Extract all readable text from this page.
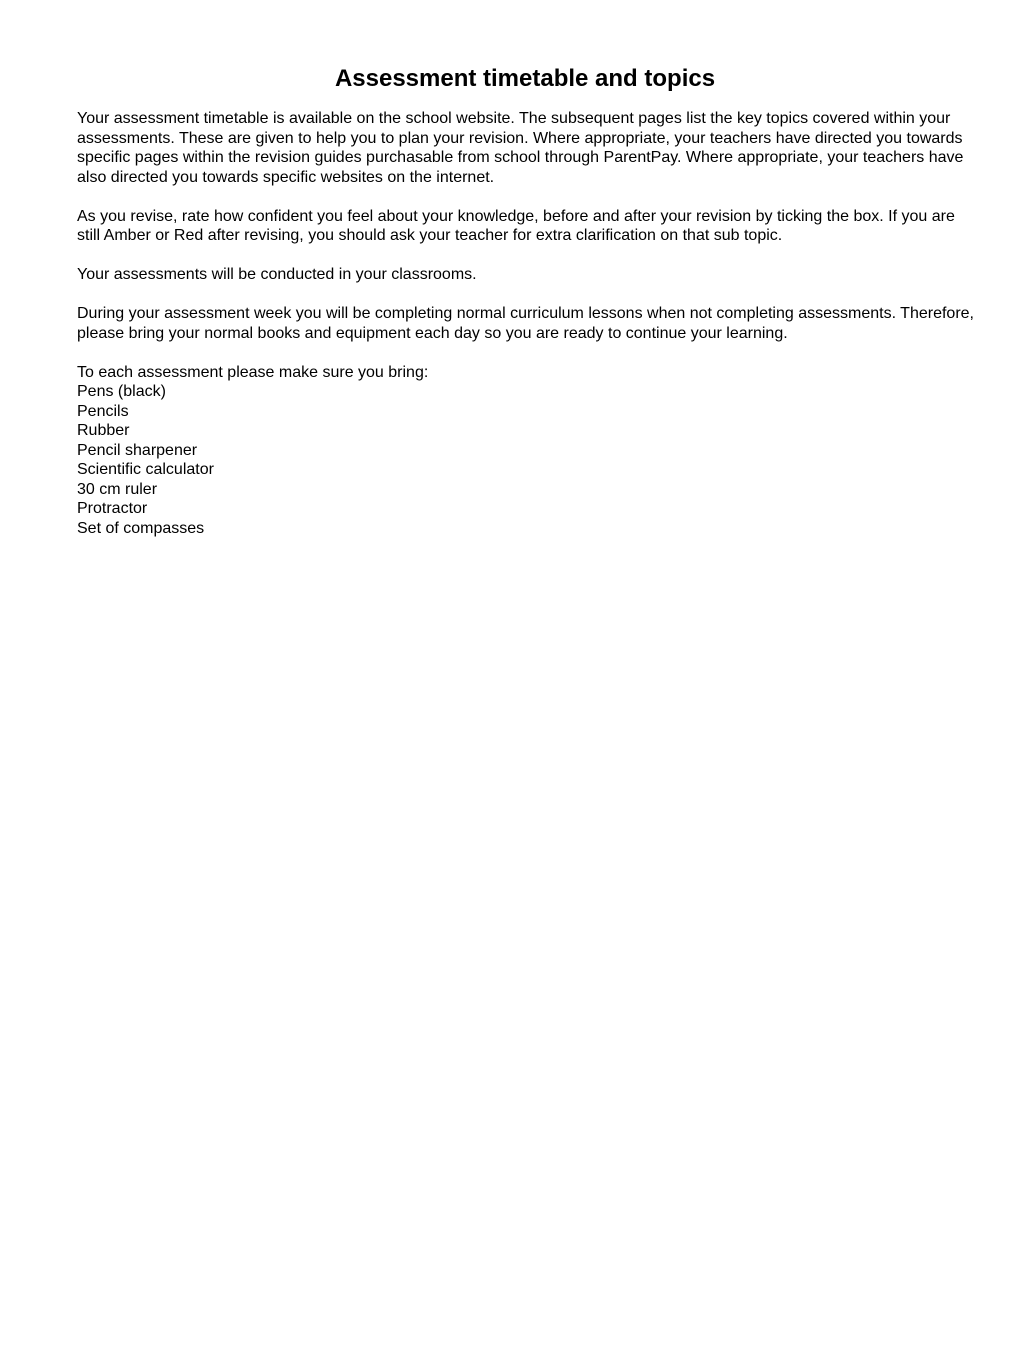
Assessment timetable and topics

Your assessment timetable is available on the school website. The subsequent pages list the key topics covered within your
assessments. These are given to help you to plan your revision. Where appropriate, your teachers have directed you towards
specific pages within the revision guides purchasable from school through ParentPay. Where appropriate, your teachers have
also directed you towards specific websites on the internet.

As you revise, rate how confident you feel about your knowledge, before and after your revision by ticking the box. If you are
still Amber or Red after revising, you should ask your teacher for extra clarification on that sub topic.

Your assessments will be conducted in your classrooms.

During your assessment week you will be completing normal curriculum lessons when not completing assessments. Therefore,
please bring your normal books and equipment each day so you are ready to continue your learning.

To each assessment please make sure you bring:

Pens (black)
Pencils
Rubber
Pencil sharpener
Scientific calculator
30 cm ruler
Protractor
Set of compasses
